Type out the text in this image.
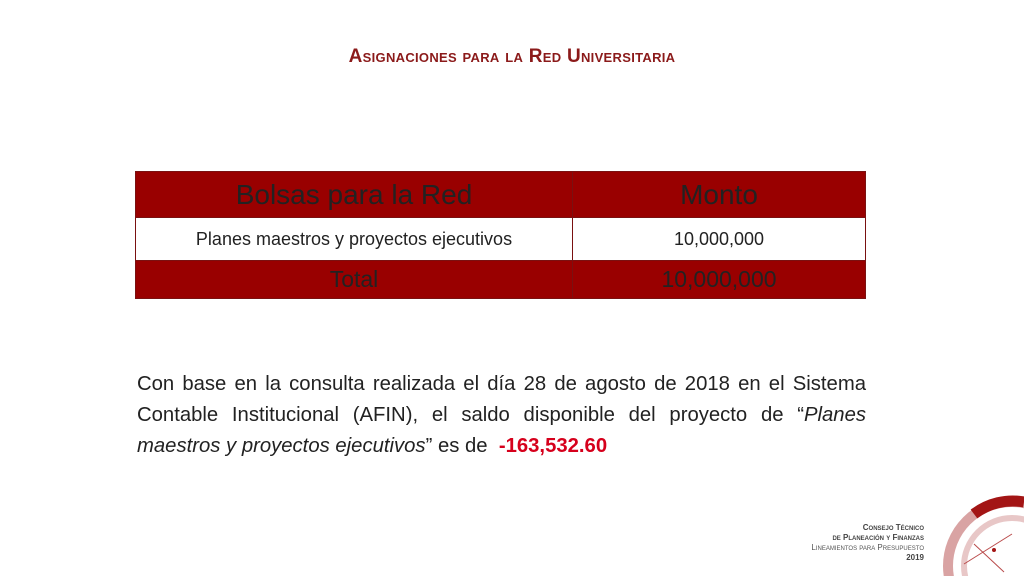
Asignaciones para la Red Universitaria
Bolsas para la Red	Monto
Planes maestros y proyectos ejecutivos	10,000,000
Total	10,000,000
Con base en la consulta realizada el día 28 de agosto de 2018 en el Sistema Contable Institucional (AFIN), el saldo disponible del proyecto de “Planes maestros y proyectos ejecutivos” es de  -163,532.60
Consejo Técnico
de Planeación y Finanzas
Lineamientos para Presupuesto
2019
